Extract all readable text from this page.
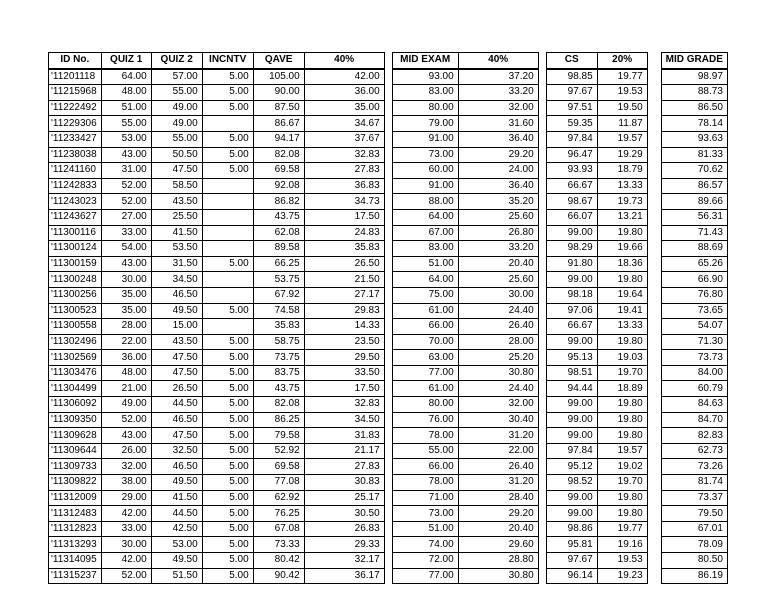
ID No.	QUIZ 1	QUIZ 2	INCNTV	QAVE	40%		MID EXAM	40%		CS	20%		MID GRADE
'11201118	64.00	57.00	5.00	105.00	42.00		93.00	37.20		98.85	19.77		98.97
'11215968	48.00	55.00	5.00	90.00	36.00		83.00	33.20		97.67	19.53		88.73
'11222492	51.00	49.00	5.00	87.50	35.00		80.00	32.00		97.51	19.50		86.50
'11229306	55.00	49.00		86.67	34.67		79.00	31.60		59.35	11.87		78.14
'11233427	53.00	55.00	5.00	94.17	37.67		91.00	36.40		97.84	19.57		93.63
'11238038	43.00	50.50	5.00	82.08	32.83		73.00	29.20		96.47	19.29		81.33
'11241160	31.00	47.50	5.00	69.58	27.83		60.00	24.00		93.93	18.79		70.62
'11242833	52.00	58.50		92.08	36.83		91.00	36.40		66.67	13.33		86.57
'11243023	52.00	43.50		86.82	34.73		88.00	35.20		98.67	19.73		89.66
'11243627	27.00	25.50		43.75	17.50		64.00	25.60		66.07	13.21		56.31
'11300116	33.00	41.50		62.08	24.83		67.00	26.80		99.00	19.80		71.43
'11300124	54.00	53.50		89.58	35.83		83.00	33.20		98.29	19.66		88.69
'11300159	43.00	31.50	5.00	66.25	26.50		51.00	20.40		91.80	18.36		65.26
'11300248	30.00	34.50		53.75	21.50		64.00	25.60		99.00	19.80		66.90
'11300256	35.00	46.50		67.92	27.17		75.00	30.00		98.18	19.64		76.80
'11300523	35.00	49.50	5.00	74.58	29.83		61.00	24.40		97.06	19.41		73.65
'11300558	28.00	15.00		35.83	14.33		66.00	26.40		66.67	13.33		54.07
'11302496	22.00	43.50	5.00	58.75	23.50		70.00	28.00		99.00	19.80		71.30
'11302569	36.00	47.50	5.00	73.75	29.50		63.00	25.20		95.13	19.03		73.73
'11303476	48.00	47.50	5.00	83.75	33.50		77.00	30.80		98.51	19.70		84.00
'11304499	21.00	26.50	5.00	43.75	17.50		61.00	24.40		94.44	18.89		60.79
'11306092	49.00	44.50	5.00	82.08	32.83		80.00	32.00		99.00	19.80		84.63
'11309350	52.00	46.50	5.00	86.25	34.50		76.00	30.40		99.00	19.80		84.70
'11309628	43.00	47.50	5.00	79.58	31.83		78.00	31.20		99.00	19.80		82.83
'11309644	26.00	32.50	5.00	52.92	21.17		55.00	22.00		97.84	19.57		62.73
'11309733	32.00	46.50	5.00	69.58	27.83		66.00	26.40		95.12	19.02		73.26
'11309822	38.00	49.50	5.00	77.08	30.83		78.00	31.20		98.52	19.70		81.74
'11312009	29.00	41.50	5.00	62.92	25.17		71.00	28.40		99.00	19.80		73.37
'11312483	42.00	44.50	5.00	76.25	30.50		73.00	29.20		99.00	19.80		79.50
'11312823	33.00	42.50	5.00	67.08	26.83		51.00	20.40		98.86	19.77		67.01
'11313293	30.00	53.00	5.00	73.33	29.33		74.00	29.60		95.81	19.16		78.09
'11314095	42.00	49.50	5.00	80.42	32.17		72.00	28.80		97.67	19.53		80.50
'11315237	52.00	51.50	5.00	90.42	36.17		77.00	30.80		96.14	19.23		86.19
